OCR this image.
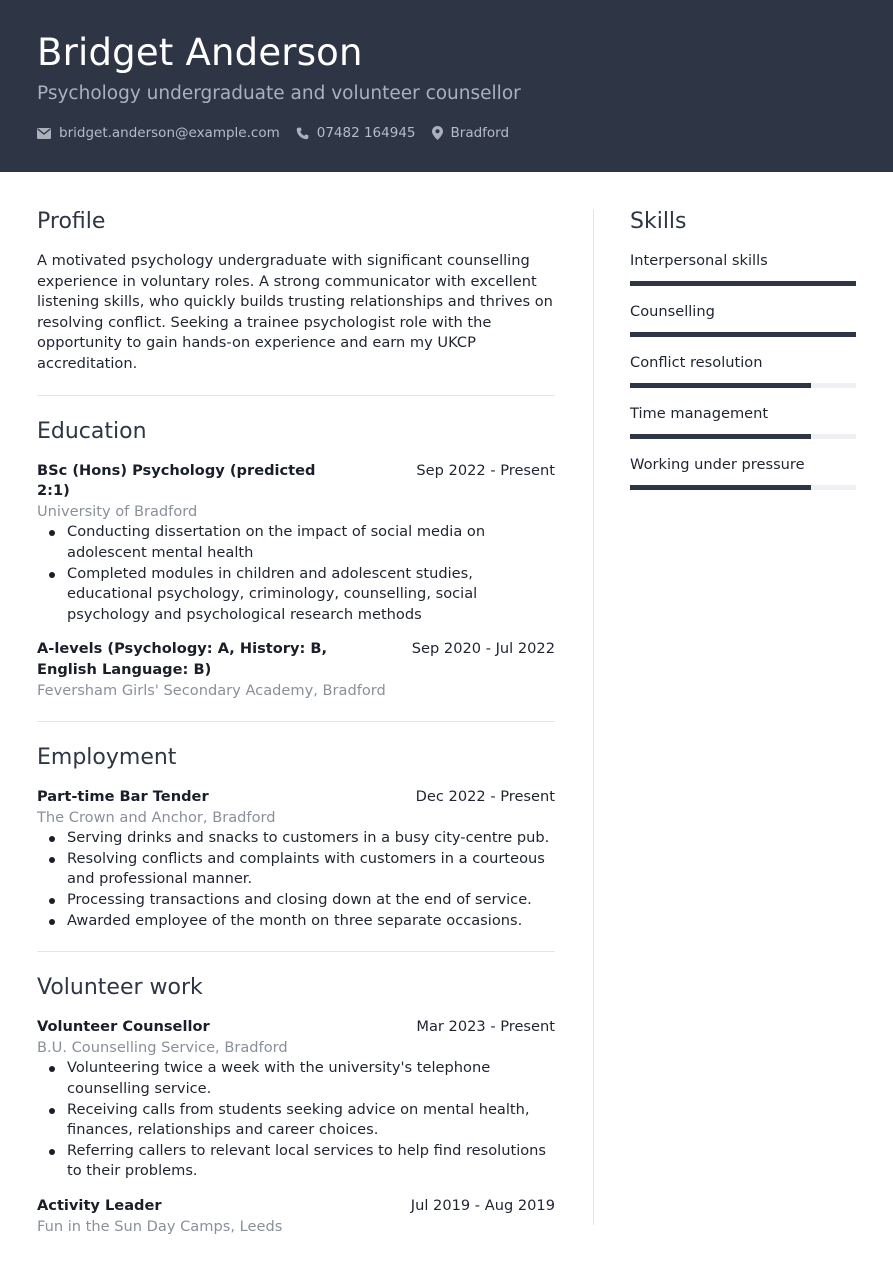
Bridget Anderson
Psychology undergraduate and volunteer counsellor
bridget.anderson@example.com	07482 164945	Bradford
Profile

A motivated psychology undergraduate with significant counselling experience in voluntary roles. A strong communicator with excellent listening skills, who quickly builds trusting relationships and thrives on resolving conflict. Seeking a trainee psychologist role with the opportunity to gain hands-on experience and earn my UKCP accreditation.

Education
BSc (Hons) Psychology (predicted 2:1)
Sep 2022 - Present
University of Bradford
Conducting dissertation on the impact of social media on adolescent mental health
Completed modules in children and adolescent studies, educational psychology, criminology, counselling, social psychology and psychological research methods
A-levels (Psychology: A, History: B, English Language: B)
Sep 2020 - Jul 2022
Feversham Girls' Secondary Academy, Bradford
Employment
Part-time Bar Tender	Dec 2022 - Present
The Crown and Anchor, Bradford
Serving drinks and snacks to customers in a busy city-centre pub.
Resolving conflicts and complaints with customers in a courteous and professional manner.
Processing transactions and closing down at the end of service.
Awarded employee of the month on three separate occasions.
Volunteer work
Volunteer Counsellor	Mar 2023 - Present
B.U. Counselling Service, Bradford
Volunteering twice a week with the university's telephone counselling service.
Receiving calls from students seeking advice on mental health, finances, relationships and career choices.
Referring callers to relevant local services to help find resolutions to their problems.
Activity Leader	Jul 2019 - Aug 2019
Fun in the Sun Day Camps, Leeds
Skills
Interpersonal skills
Counselling
Conflict resolution
Time management
Working under pressure
